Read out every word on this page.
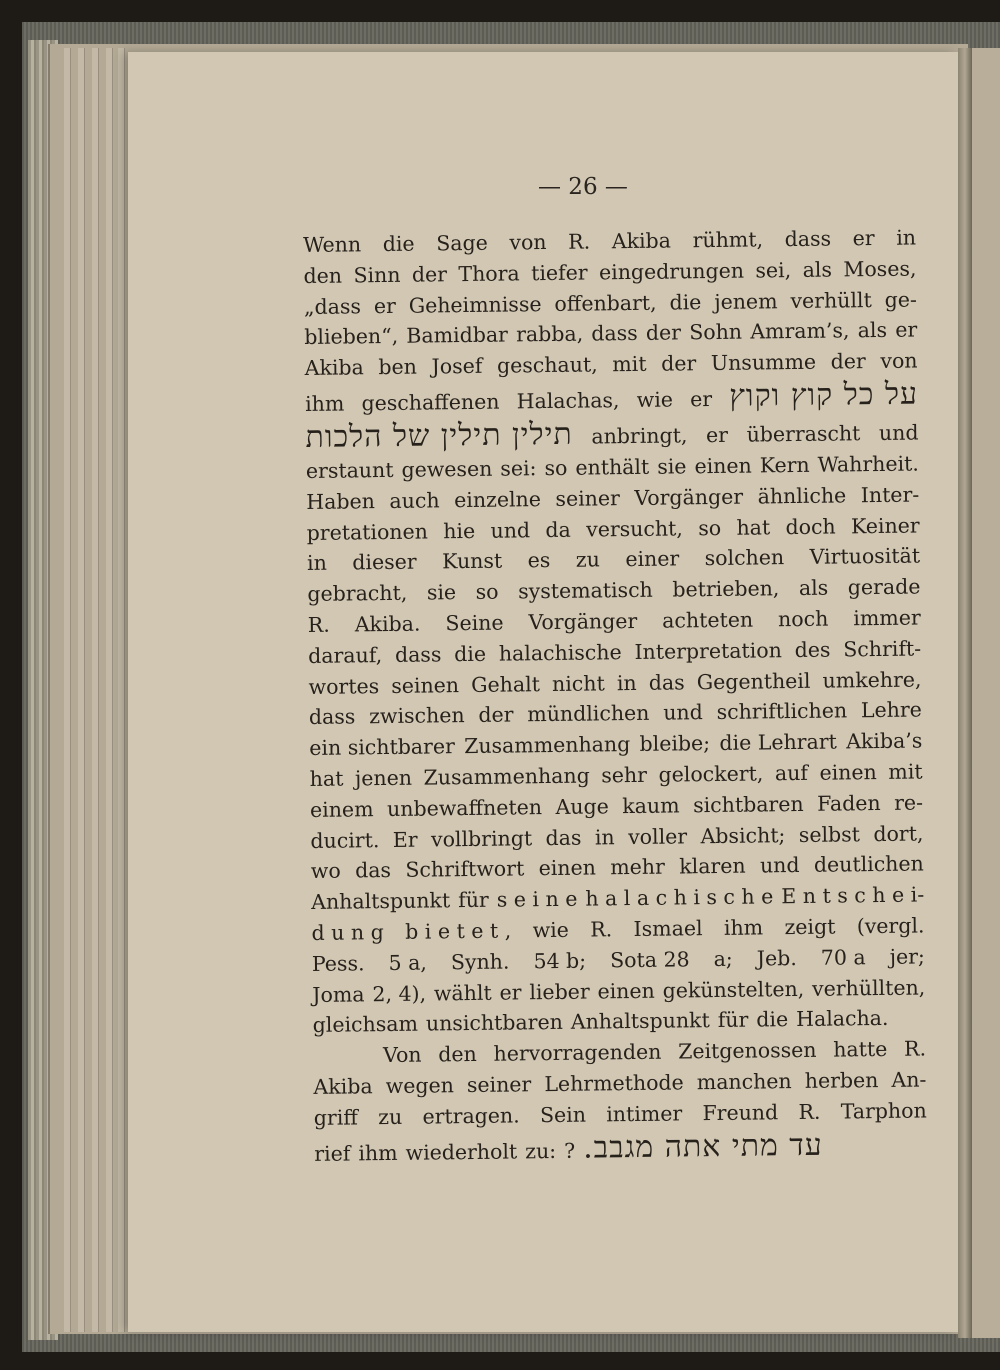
— 26 —
Wenn die Sage von R. Akiba rühmt, dass er in
den Sinn der Thora tiefer eingedrungen sei, als Moses,
„dass er Geheimnisse offenbart, die jenem verhüllt ge-
blieben“, Bamidbar rabba, dass der Sohn Amram’s, als er
Akiba ben Josef geschaut, mit der Unsumme der von
ihm geschaffenen Halachas, wie er על כל קוץ וקוץ
תילין תילין של הלכות anbringt, er überrascht und
erstaunt gewesen sei: so enthält sie einen Kern Wahrheit.
Haben auch einzelne seiner Vorgänger ähnliche Inter-
pretationen hie und da versucht, so hat doch Keiner
in dieser Kunst es zu einer solchen Virtuosität
gebracht, sie so systematisch betrieben, als gerade
R. Akiba. Seine Vorgänger achteten noch immer
darauf, dass die halachische Interpretation des Schrift-
wortes seinen Gehalt nicht in das Gegentheil umkehre,
dass zwischen der mündlichen und schriftlichen Lehre
ein sichtbarer Zusammenhang bleibe; die Lehrart Akiba’s
hat jenen Zusammenhang sehr gelockert, auf einen mit
einem unbewaffneten Auge kaum sichtbaren Faden re-
ducirt. Er vollbringt das in voller Absicht; selbst dort,
wo das Schriftwort einen mehr klaren und deutlichen
Anhaltspunkt für s e i n e h a l a c h i s c h e E n t s c h e i-
d u n g b i e t e t , wie R. Ismael ihm zeigt (vergl.
Pess. 5 a, Synh. 54 b; Sota 28 a; Jeb. 70 a jer;
Joma 2, 4), wählt er lieber einen gekünstelten, verhüllten,
gleichsam unsichtbaren Anhaltspunkt für die Halacha.
Von den hervorragenden Zeitgenossen hatte R.
Akiba wegen seiner Lehrmethode manchen herben An-
griff zu ertragen. Sein intimer Freund R. Tarphon
rief ihm wiederholt zu: ? עד מתי אתה מגבב.
